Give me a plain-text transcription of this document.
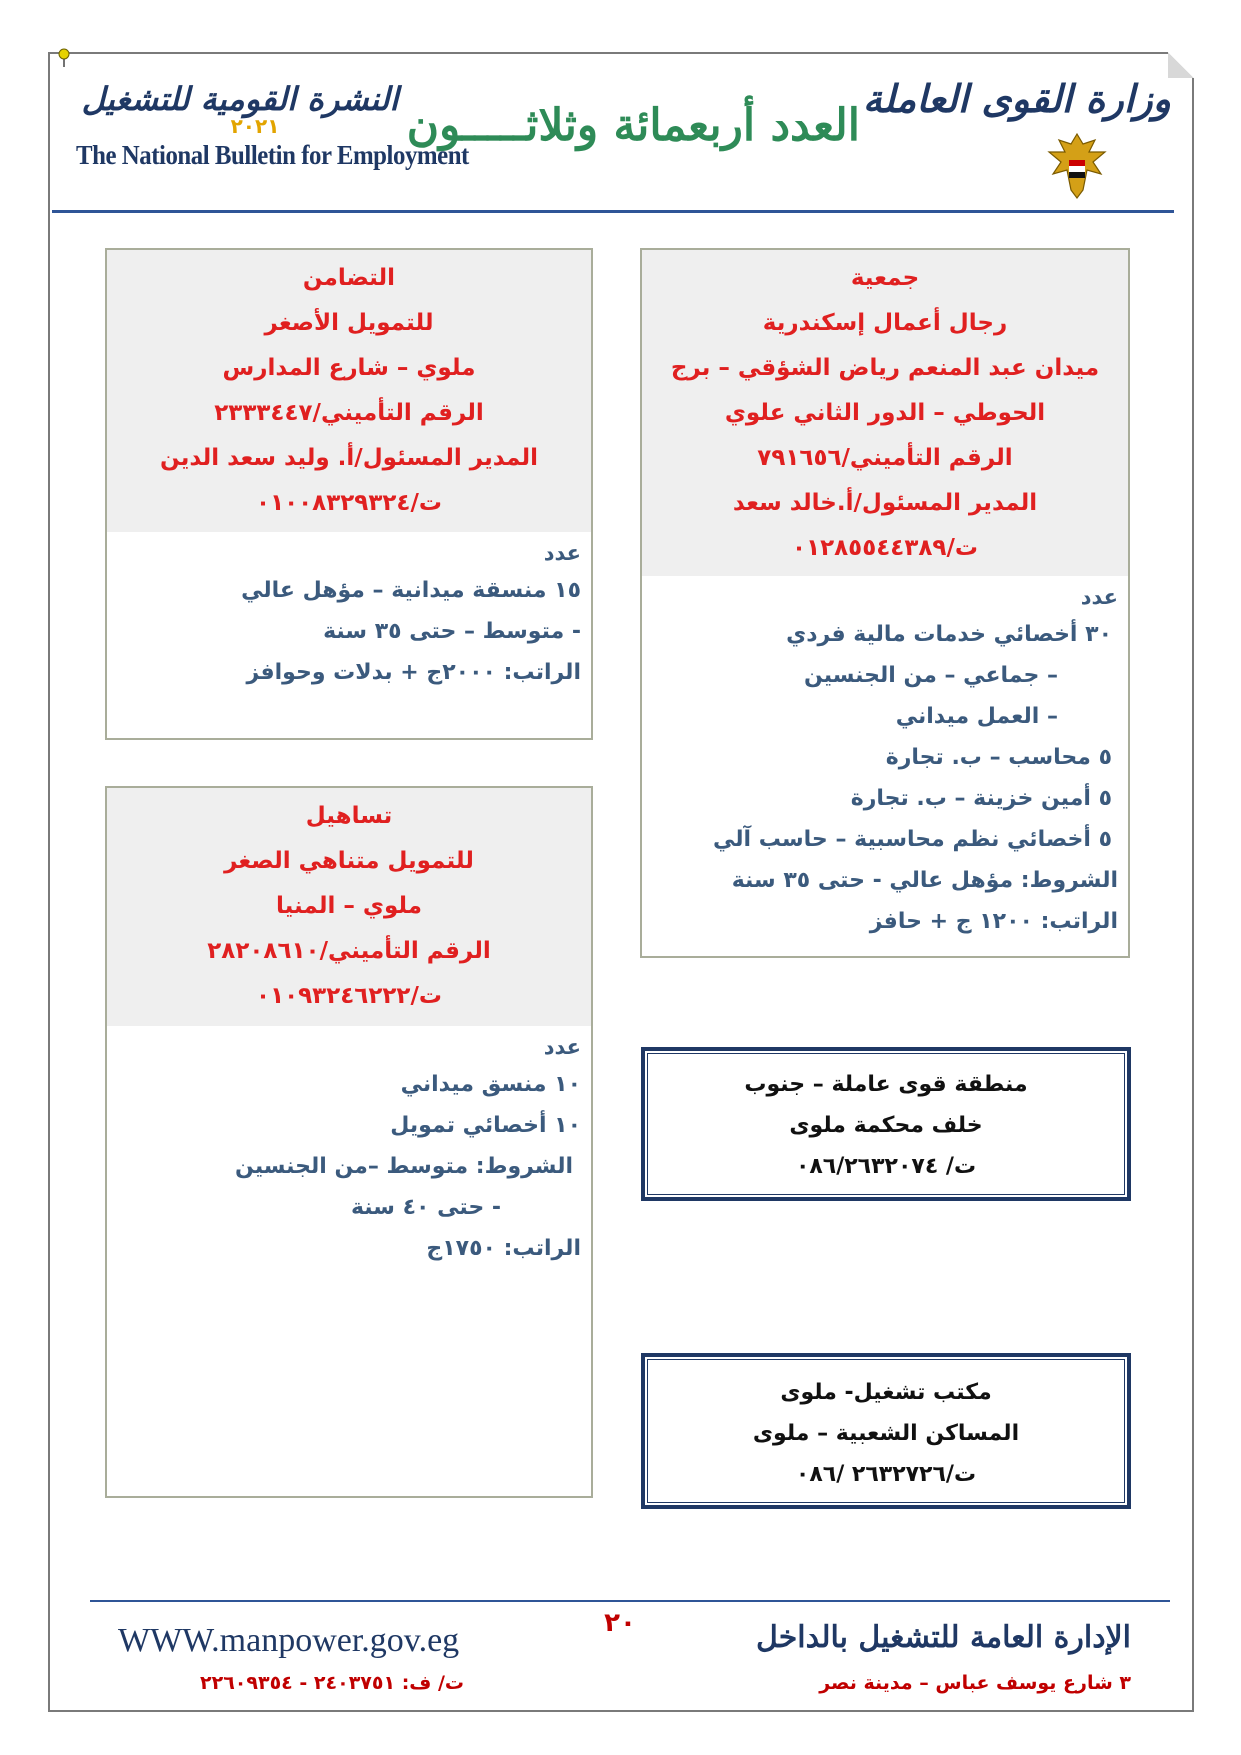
وزارة القوى العاملة
العدد أربعمائة وثلاثـــــون
النشرة القومية للتشغيل
٢٠٢١
The National Bulletin for Employment
التضامن
للتمويل الأصغر
ملوي – شارع المدارس
الرقم التأميني/٢٣٣٣٤٤٧
المدير المسئول/أ. وليد سعد الدين
ت/٠١٠٠٨٣٢٩٣٢٤
عدد
١٥ منسقة ميدانية – مؤهل عالي
- متوسط – حتى ٣٥ سنة
الراتب: ٢٠٠٠ج + بدلات وحوافز
جمعية
رجال أعمال إسكندرية
ميدان عبد المنعم رياض الشؤقي – برج
الحوطي – الدور الثاني علوي
الرقم التأميني/٧٩١٦٥٦
المدير المسئول/أ.خالد سعد
ت/٠١٢٨٥٥٤٤٣٨٩
عدد
٣٠ أخصائي خدمات مالية فردي
– جماعي – من الجنسين
– العمل ميداني
٥ محاسب – ب. تجارة
٥ أمين خزينة – ب. تجارة
٥ أخصائي نظم محاسبية – حاسب آلي
الشروط: مؤهل عالي - حتى ٣٥ سنة
الراتب: ١٢٠٠ ج + حافز
تساهيل
للتمويل متناهي الصغر
ملوي – المنيا
الرقم التأميني/٢٨٢٠٨٦١٠
ت/٠١٠٩٣٢٤٦٢٢٢
عدد
١٠ منسق ميداني
١٠ أخصائي تمويل
الشروط: متوسط –من الجنسين
- حتى ٤٠ سنة
الراتب: ١٧٥٠ج
منطقة قوى عاملة – جنوب
خلف محكمة ملوى
ت/ ٠٨٦/٢٦٣٢٠٧٤
مكتب تشغيل- ملوى
المساكن الشعبية – ملوى
ت/٢٦٣٢٧٢٦ /٠٨٦
٢٠	الإدارة العامة للتشغيل بالداخل
٣ شارع يوسف عباس – مدينة نصر
WWW.manpower.gov.eg
ت/ ف: ٢٤٠٣٧٥١ - ٢٢٦٠٩٣٥٤
